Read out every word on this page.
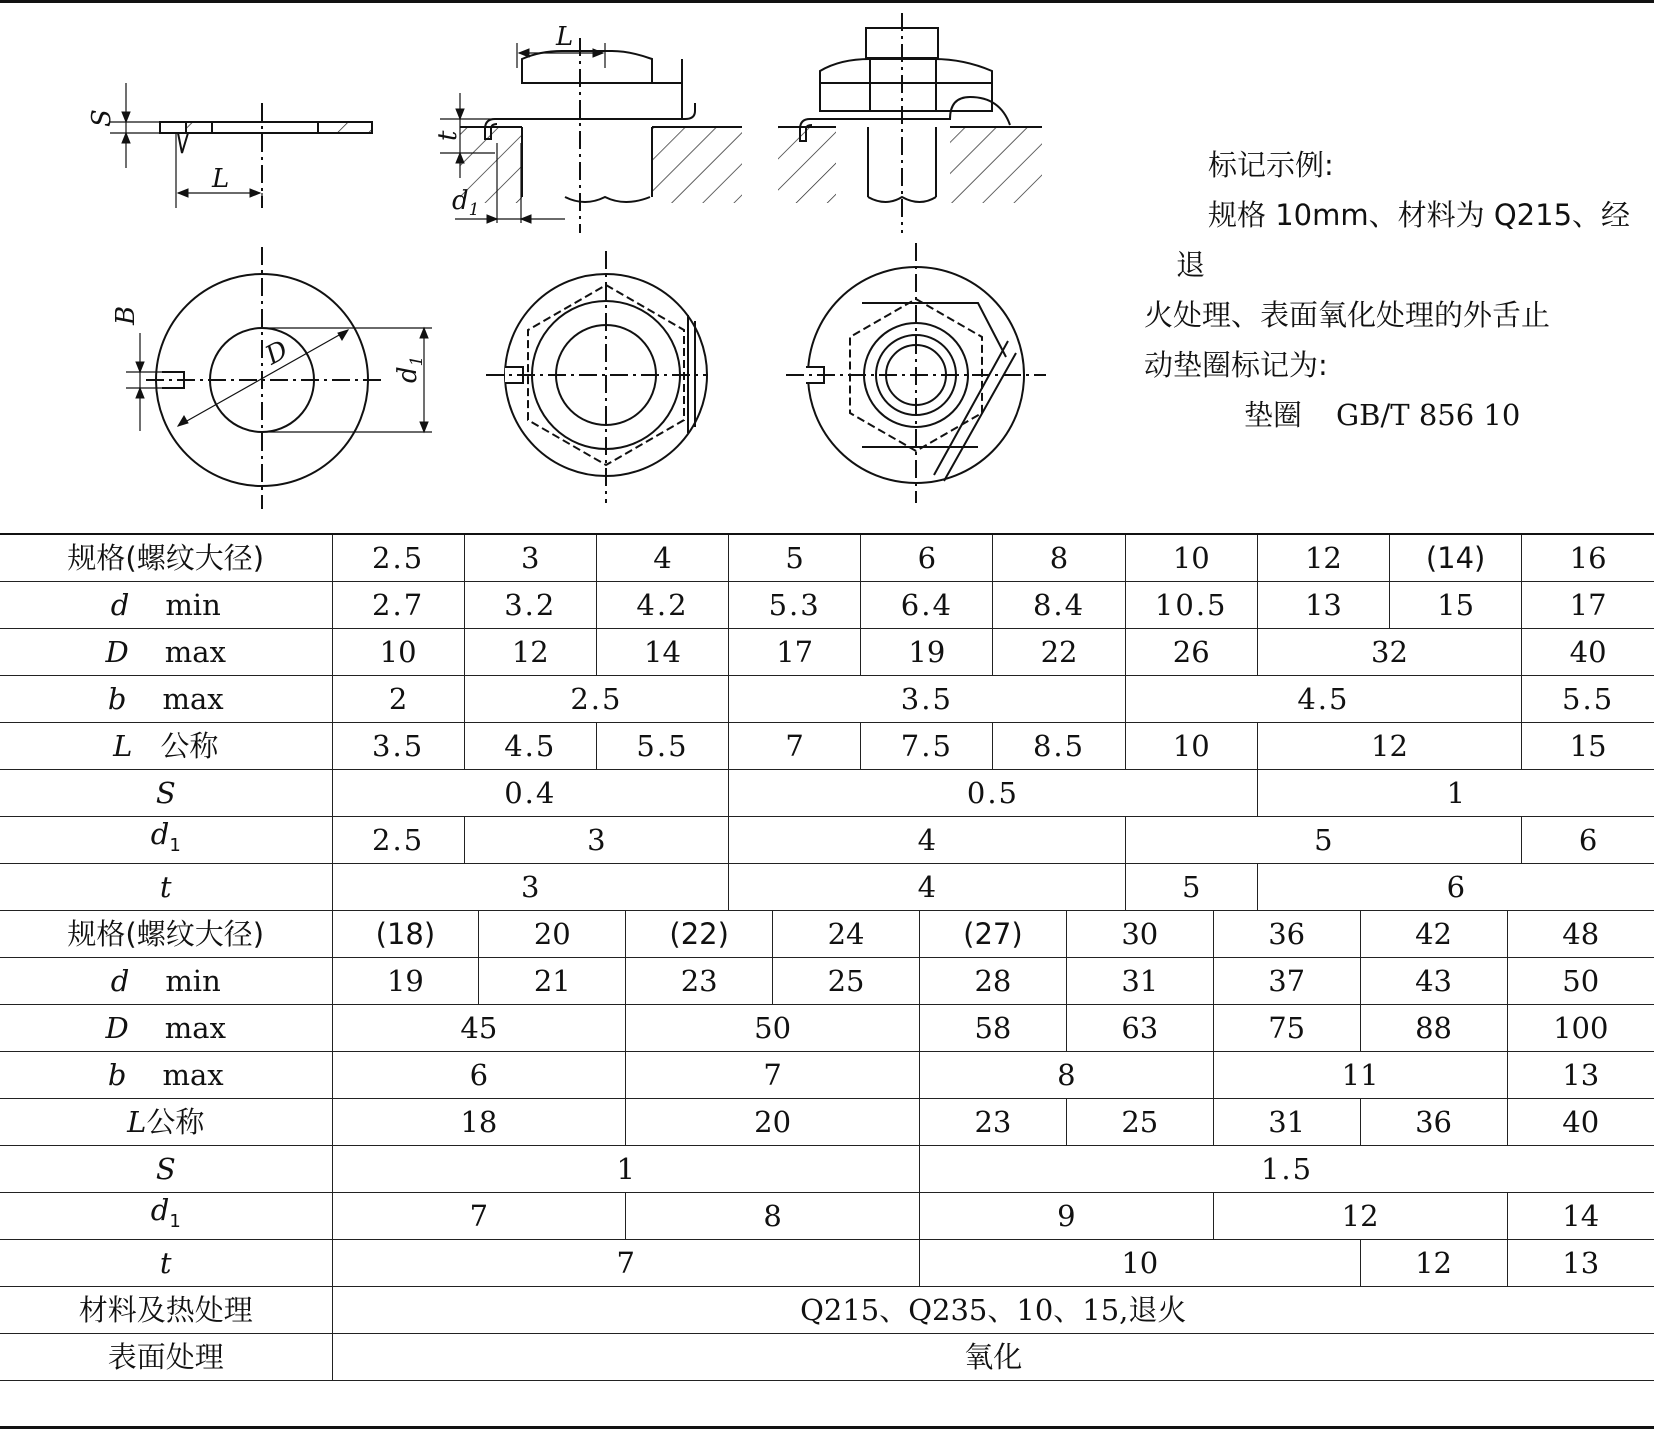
S
L
L
t
$d_1$
B
D
$d_1$
标记示例:
规格 10mm、材料为 Q215、经退
火处理、表面氧化处理的外舌止
动垫圈标记为:
垫圈 GB/T 856 10
规格(螺纹大径)	2.5	3		4		5		6		8		10		12		(14)		16
d min	2.7	3.2		4.2		5.3		6.4		8.4		10.5		13		15		17
D max	10	12		14		17		19		22		26		32				40
b max	2	2.5				3.5						4.5						5.5
L 公称	3.5	4.5		5.5		7		7.5		8.5		10		12				15
S	0.4					0.5								1				
$d_1$	2.5	3				4						5						6
t	3					4						5		6				
规格(螺纹大径)	(18)		20		(22)		24		(27)		30		36		42		48	
d min	19		21		23		25		28		31		37		43		50	
D max	45				50				58		63		75		88		100	
b max	6				7				8				11				13	
L公称	18				20				23		25		31		36		40	
S	1								1.5									
$d_1$	7				8				9				12				14	
t	7								10						12		13	
材料及热处理	Q215、Q235、10、15,退火																	
表面处理	氧化																	
